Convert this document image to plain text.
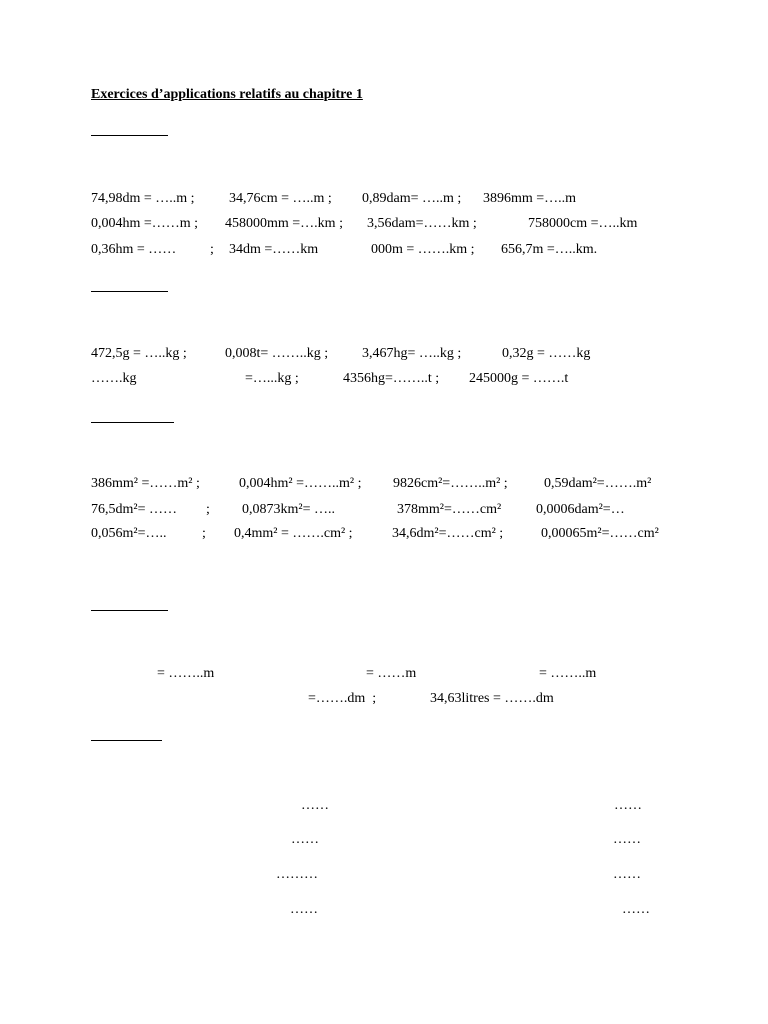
Exercices d’applications relatifs au chapitre 1
74,98dm = …..m ; 34,76cm = …..m ; 0,89dam= …..m ; 3896mm =…..m
0,004hm =……m ; 458000mm =….km ; 3,56dam=……km ;	758000cm =…..km
0,36hm = …… ; 34dm =……km	000m = …….km ; 656,7m =…..km.
472,5g = …..kg ;	0,008t= ……..kg ; 3,467hg= …..kg ;	0,32g = ……kg
…….kg	=…...kg ;	4356hg=……..t ; 245000g = …….t
386mm² =……m² ;	0,004hm² =……..m² ; 9826cm²=……..m² ;	0,59dam²=…….m²
76,5dm²= …… ; 0,0873km²= …..	378mm²=……cm² 0,0006dam²=…
0,056m²=…..	; 0,4mm² = …….cm² ;	34,6dm²=……cm² ;	0,00065m²=……cm²
= ……..m	= ……m	= ……..m
=…….dm  ;	34,63litres = …….dm
……	……
……	……
………	……
……	……
